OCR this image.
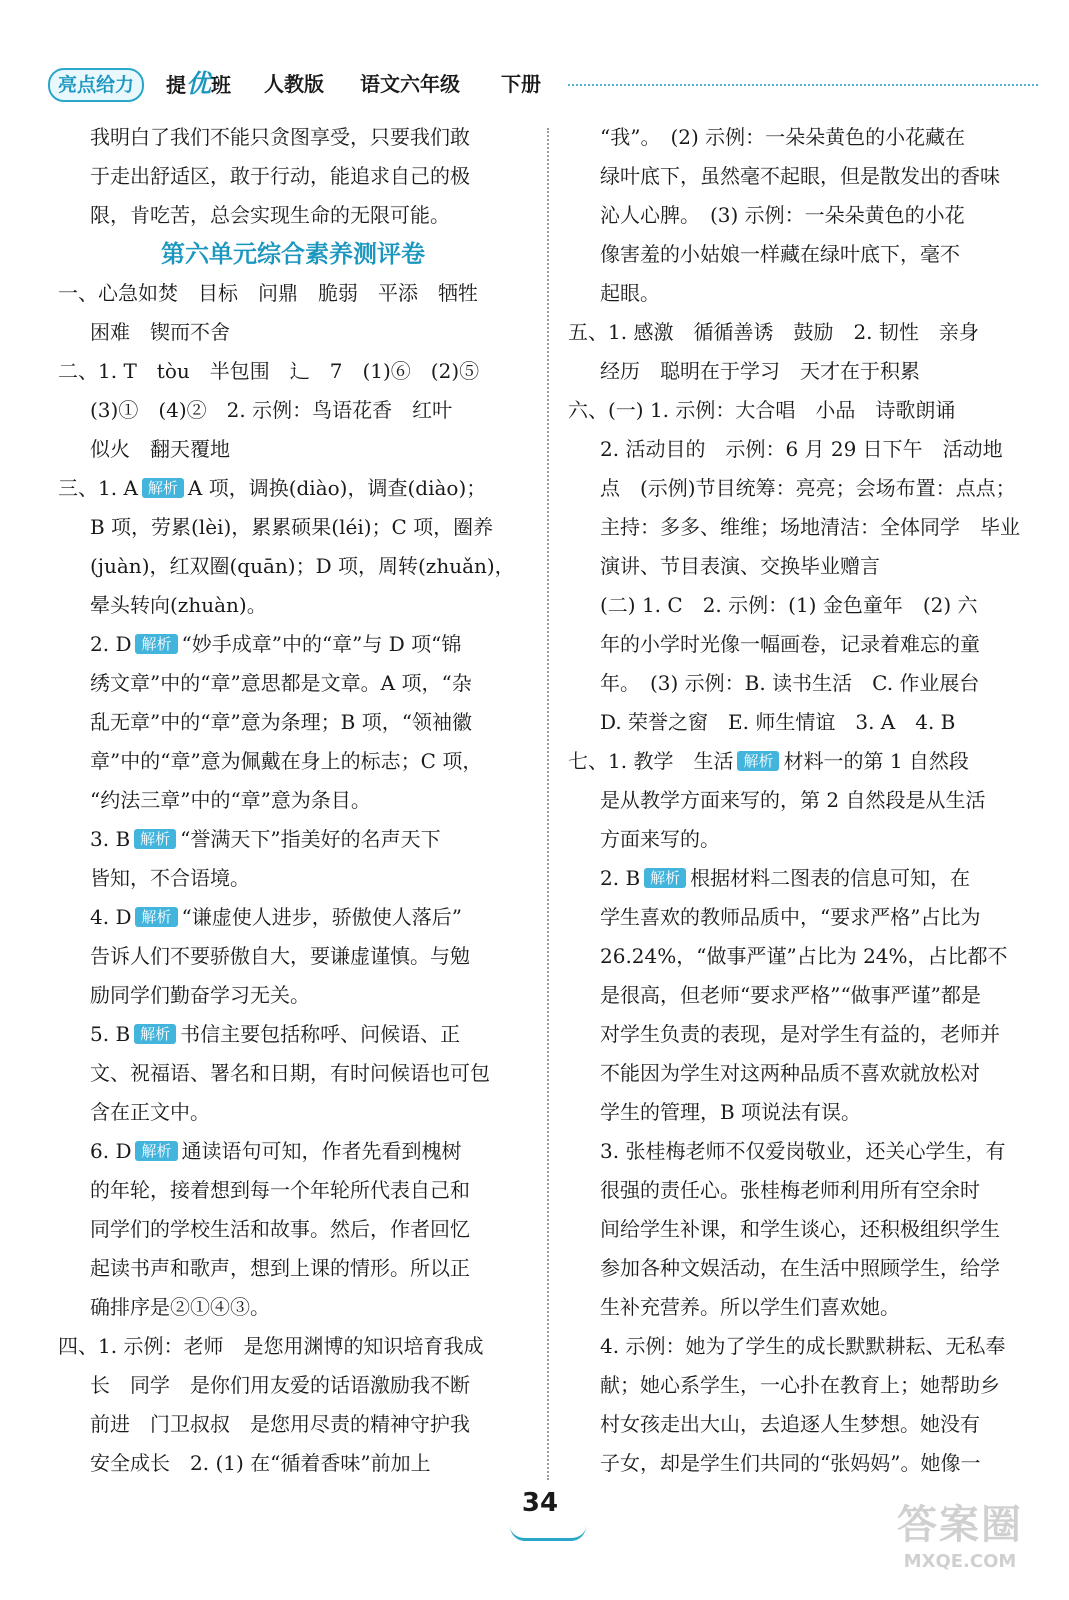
亮点给力	提优班 人教版 语文六年级 下册
我明白了我们不能只贪图享受，只要我们敢
于走出舒适区，敢于行动，能追求自己的极
限，肯吃苦，总会实现生命的无限可能。
第六单元综合素养测评卷
一、心急如焚　目标　问鼎　脆弱　平添　牺牲
困难　锲而不舍
二、1. T　tòu　半包围　辶　7　(1)⑥　(2)⑤
(3)①　(4)②　2. 示例：鸟语花香　红叶
似火　翻天覆地
三、1. A 解析 A 项，调换(diào)，调查(diào)；
B 项，劳累(lèi)，累累硕果(léi)；C 项，圈养
(juàn)，红双圈(quān)；D 项，周转(zhuǎn)，
晕头转向(zhuàn)。
2. D 解析 “妙手成章”中的“章”与 D 项“锦
绣文章”中的“章”意思都是文章。A 项，“杂
乱无章”中的“章”意为条理；B 项，“领袖徽
章”中的“章”意为佩戴在身上的标志；C 项，
“约法三章”中的“章”意为条目。
3. B 解析 “誉满天下”指美好的名声天下
皆知，不合语境。
4. D 解析 “谦虚使人进步，骄傲使人落后”
告诉人们不要骄傲自大，要谦虚谨慎。与勉
励同学们勤奋学习无关。
5. B 解析 书信主要包括称呼、问候语、正
文、祝福语、署名和日期，有时问候语也可包
含在正文中。
6. D 解析 通读语句可知，作者先看到槐树
的年轮，接着想到每一个年轮所代表自己和
同学们的学校生活和故事。然后，作者回忆
起读书声和歌声，想到上课的情形。所以正
确排序是②①④③。
四、1. 示例：老师　是您用渊博的知识培育我成
长　同学　是你们用友爱的话语激励我不断
前进　门卫叔叔　是您用尽责的精神守护我
安全成长　2. (1) 在“循着香味”前加上
“我”。　(2) 示例：一朵朵黄色的小花藏在
绿叶底下，虽然毫不起眼，但是散发出的香味
沁人心脾。　(3) 示例：一朵朵黄色的小花
像害羞的小姑娘一样藏在绿叶底下，毫不
起眼。
五、1. 感激　循循善诱　鼓励　2. 韧性　亲身
经历　聪明在于学习　天才在于积累
六、(一) 1. 示例：大合唱　小品　诗歌朗诵
2. 活动目的　示例：6 月 29 日下午　活动地
点　(示例)节目统筹：亮亮；会场布置：点点；
主持：多多、维维；场地清洁：全体同学　毕业
演讲、节目表演、交换毕业赠言
(二) 1. C　2. 示例：(1) 金色童年　(2) 六
年的小学时光像一幅画卷，记录着难忘的童
年。　(3) 示例：B. 读书生活　C. 作业展台
D. 荣誉之窗　E. 师生情谊　3. A　4. B
七、1. 教学　生活 解析 材料一的第 1 自然段
是从教学方面来写的，第 2 自然段是从生活
方面来写的。
2. B 解析 根据材料二图表的信息可知，在
学生喜欢的教师品质中，“要求严格”占比为
26.24%，“做事严谨”占比为 24%，占比都不
是很高，但老师“要求严格”“做事严谨”都是
对学生负责的表现，是对学生有益的，老师并
不能因为学生对这两种品质不喜欢就放松对
学生的管理，B 项说法有误。
3. 张桂梅老师不仅爱岗敬业，还关心学生，有
很强的责任心。张桂梅老师利用所有空余时
间给学生补课，和学生谈心，还积极组织学生
参加各种文娱活动，在生活中照顾学生，给学
生补充营养。所以学生们喜欢她。
4. 示例：她为了学生的成长默默耕耘、无私奉
献；她心系学生，一心扑在教育上；她帮助乡
村女孩走出大山，去追逐人生梦想。她没有
子女，却是学生们共同的“张妈妈”。她像一
34	答案圈
MXQE.COM
